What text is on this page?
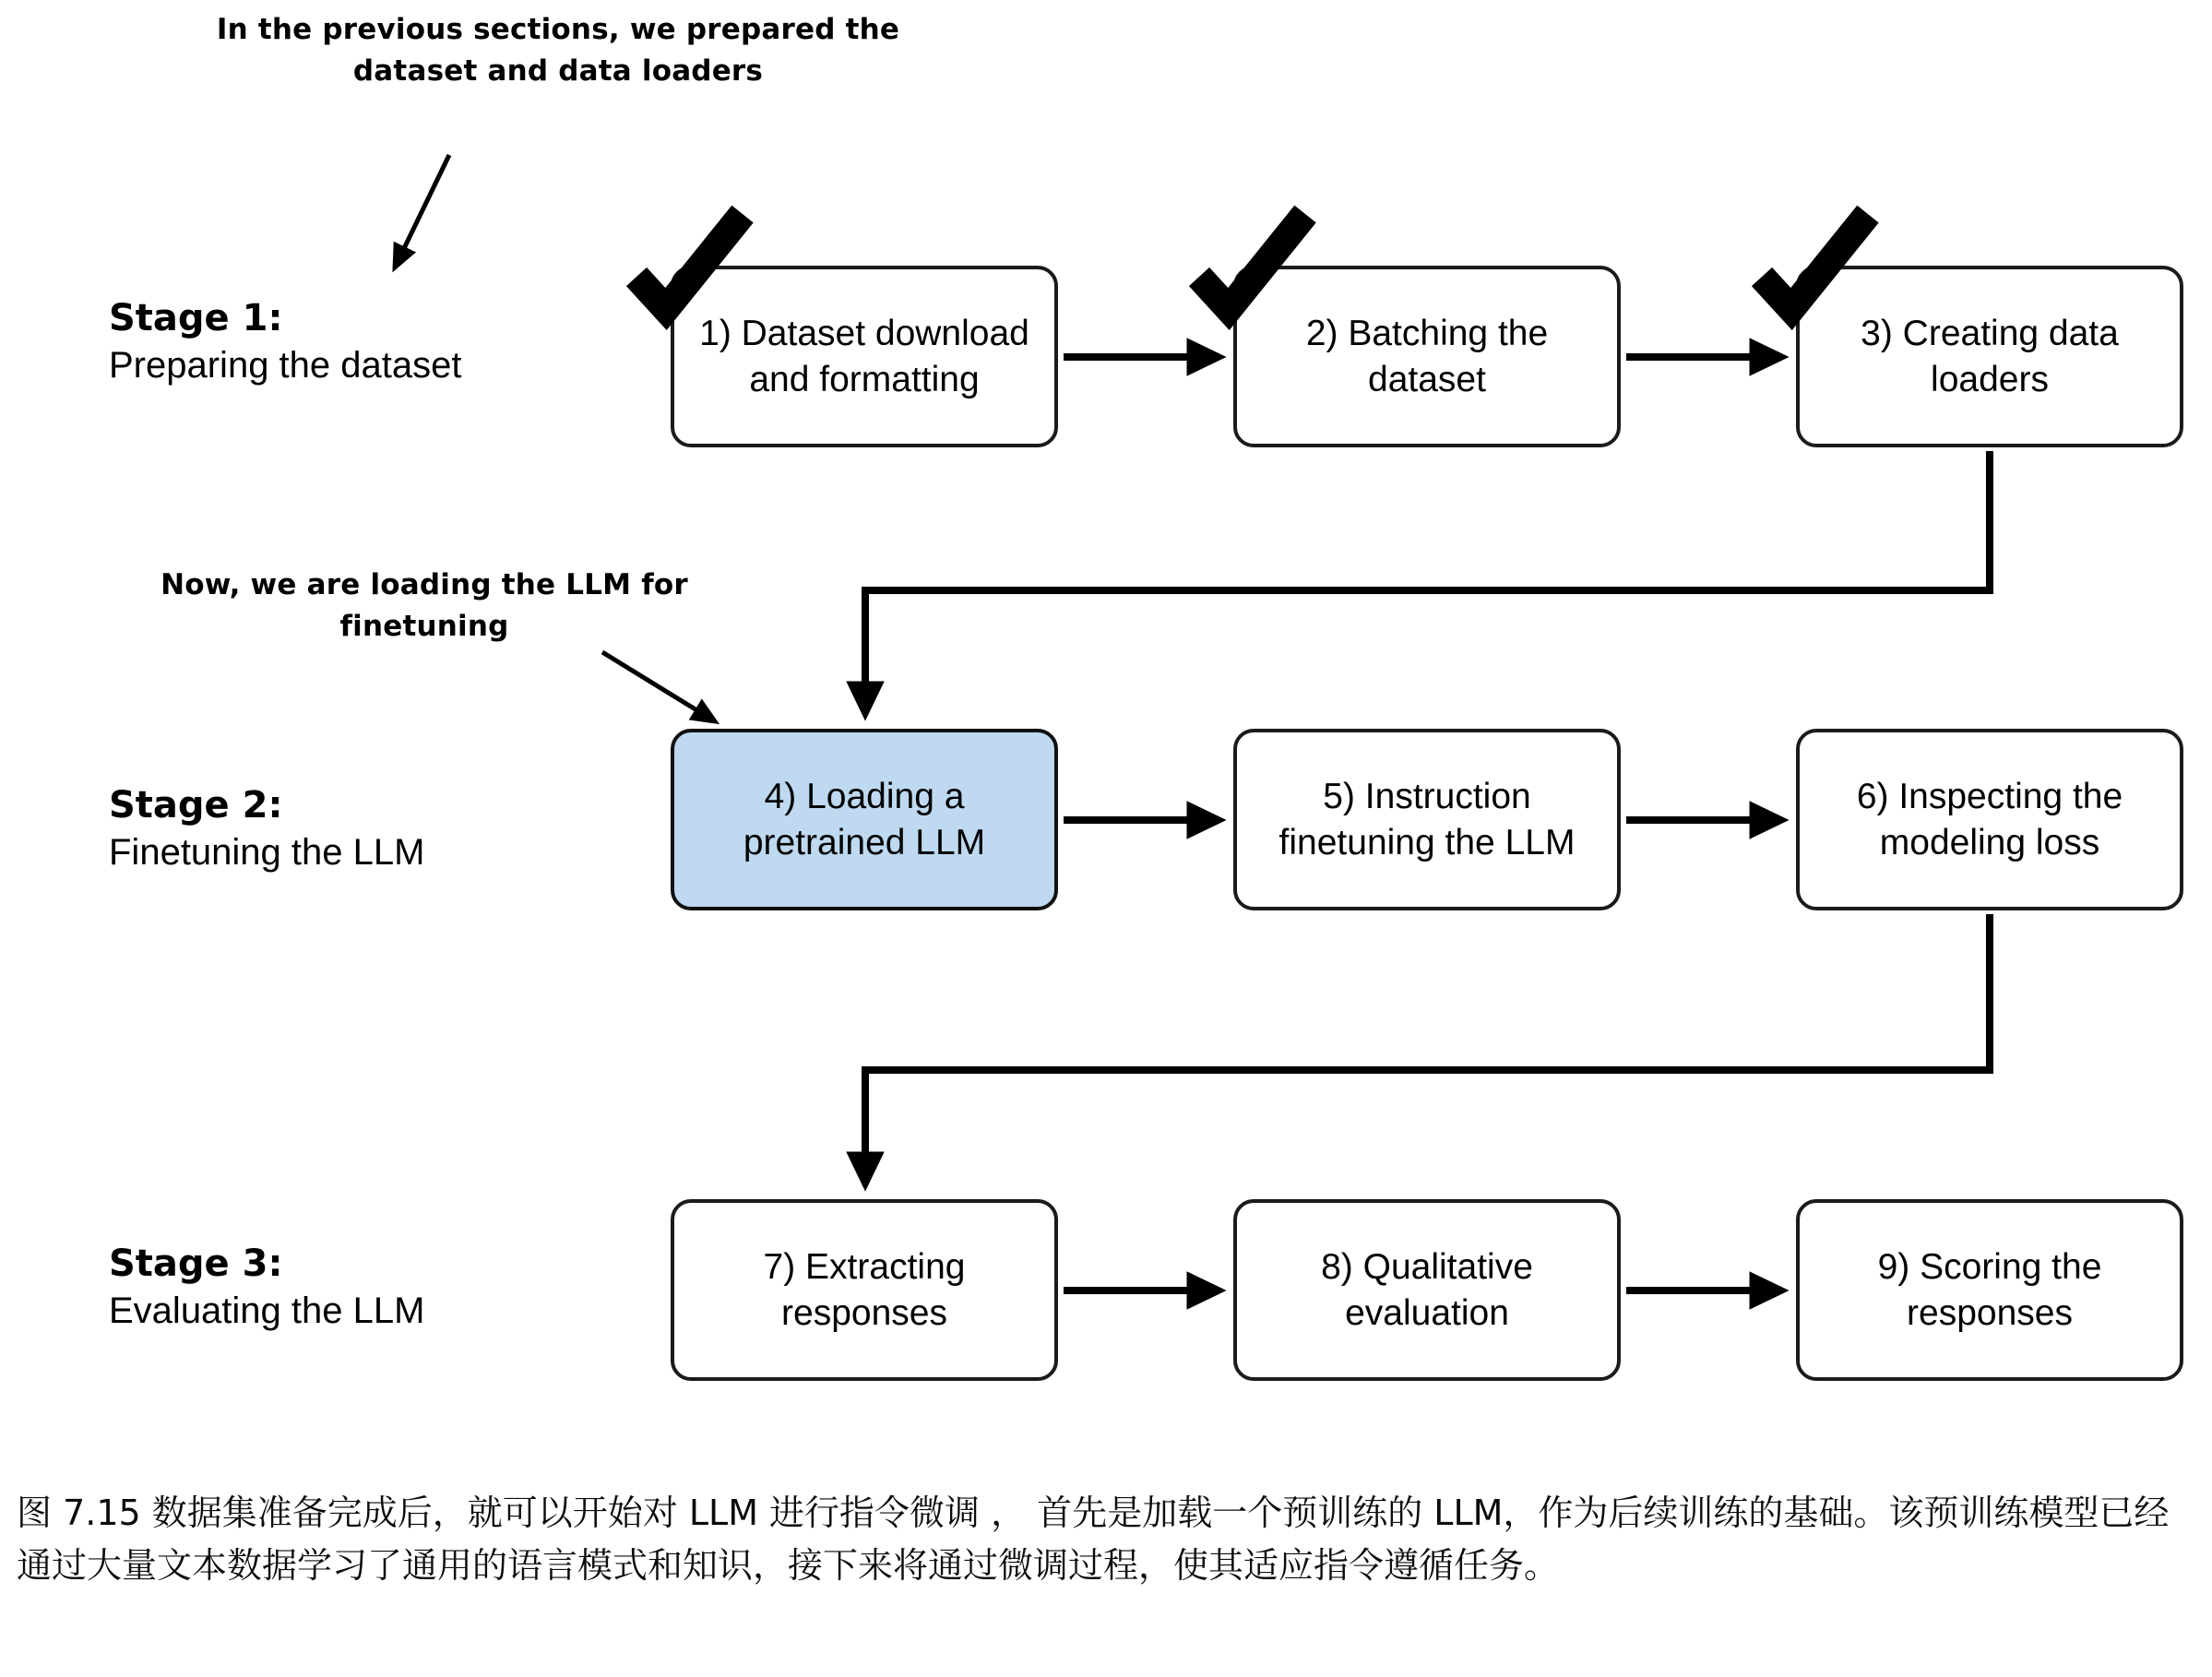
In the previous sections, we prepared the dataset and data loaders
Now, we are loading the LLM for finetuning
Stage 1:
Preparing the dataset
Stage 2:
Finetuning the LLM
Stage 3:
Evaluating the LLM
1) Dataset download and formatting
2) Batching the dataset
3) Creating data loaders
4) Loading a pretrained LLM
5) Instruction finetuning the LLM
6) Inspecting the modeling loss
7) Extracting responses
8) Qualitative evaluation
9) Scoring the responses
图 7.15 数据集准备完成后，就可以开始对 LLM 进行指令微调 ， 首先是加载一个预训练的 LLM，作为后续训练的基础。该预训练模型已经通过大量文本数据学习了通用的语言模式和知识，接下来将通过微调过程，使其适应指令遵循任务。
